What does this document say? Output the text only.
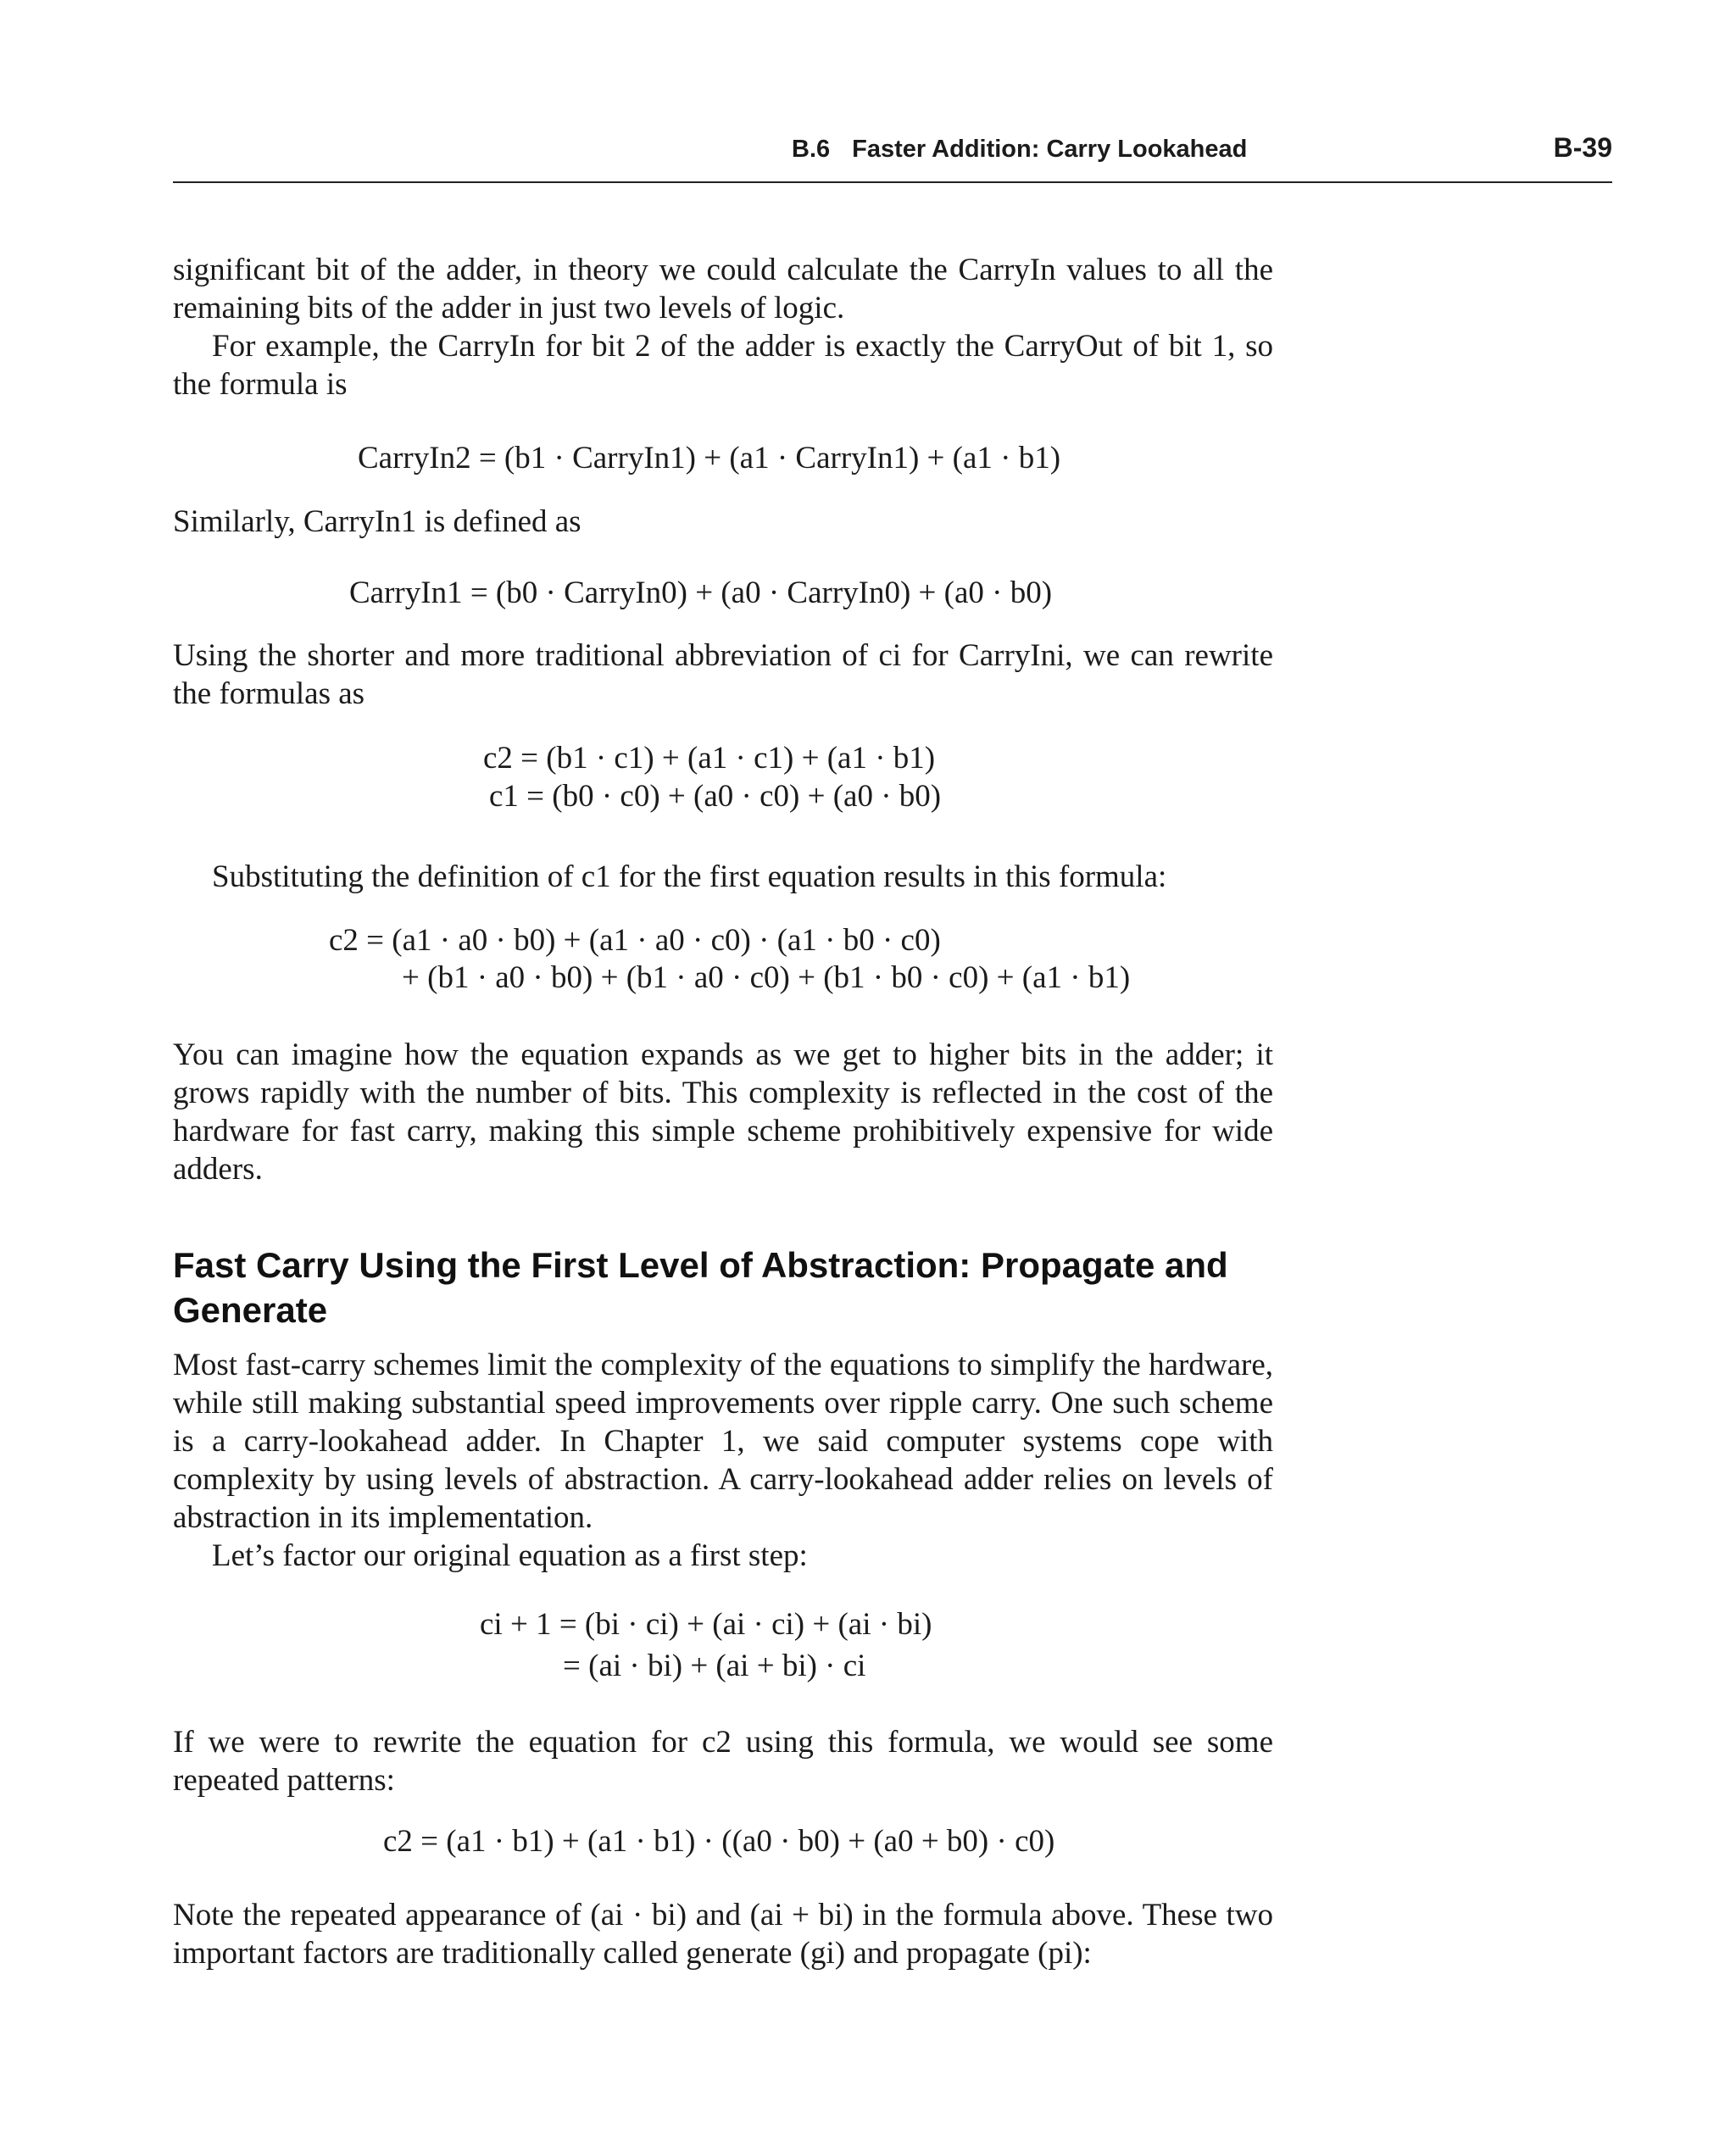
B.6 Faster Addition: Carry Lookahead	B-39
significant bit of the adder, in theory we could calculate the CarryIn values to all the remaining bits of the adder in just two levels of logic.
For example, the CarryIn for bit 2 of the adder is exactly the CarryOut of bit 1, so the formula is
CarryIn2 = (b1 · CarryIn1) + (a1 · CarryIn1) + (a1 · b1)
Similarly, CarryIn1 is defined as
CarryIn1 = (b0 · CarryIn0) + (a0 · CarryIn0) + (a0 · b0)
Using the shorter and more traditional abbreviation of ci for CarryIni, we can rewrite the formulas as
c2 = (b1 · c1) + (a1 · c1) + (a1 · b1)
c1 = (b0 · c0) + (a0 · c0) + (a0 · b0)
Substituting the definition of c1 for the first equation results in this formula:
c2 = (a1 · a0 · b0) + (a1 · a0 · c0) · (a1 · b0 · c0)
+ (b1 · a0 · b0) + (b1 · a0 · c0) + (b1 · b0 · c0) + (a1 · b1)
You can imagine how the equation expands as we get to higher bits in the adder; it grows rapidly with the number of bits. This complexity is reflected in the cost of the hardware for fast carry, making this simple scheme prohibitively expensive for wide adders.
Fast Carry Using the First Level of Abstraction: Propagate and Generate
Most fast-carry schemes limit the complexity of the equations to simplify the hardware, while still making substantial speed improvements over ripple carry. One such scheme is a carry-lookahead adder. In Chapter 1, we said computer systems cope with complexity by using levels of abstraction. A carry-lookahead adder relies on levels of abstraction in its implementation.
Let’s factor our original equation as a first step:
ci + 1 = (bi · ci) + (ai · ci) + (ai · bi)
= (ai · bi) + (ai + bi) · ci
If we were to rewrite the equation for c2 using this formula, we would see some repeated patterns:
c2 = (a1 · b1) + (a1 · b1) · ((a0 · b0) + (a0 + b0) · c0)
Note the repeated appearance of (ai · bi) and (ai + bi) in the formula above. These two important factors are traditionally called generate (gi) and propagate (pi):
